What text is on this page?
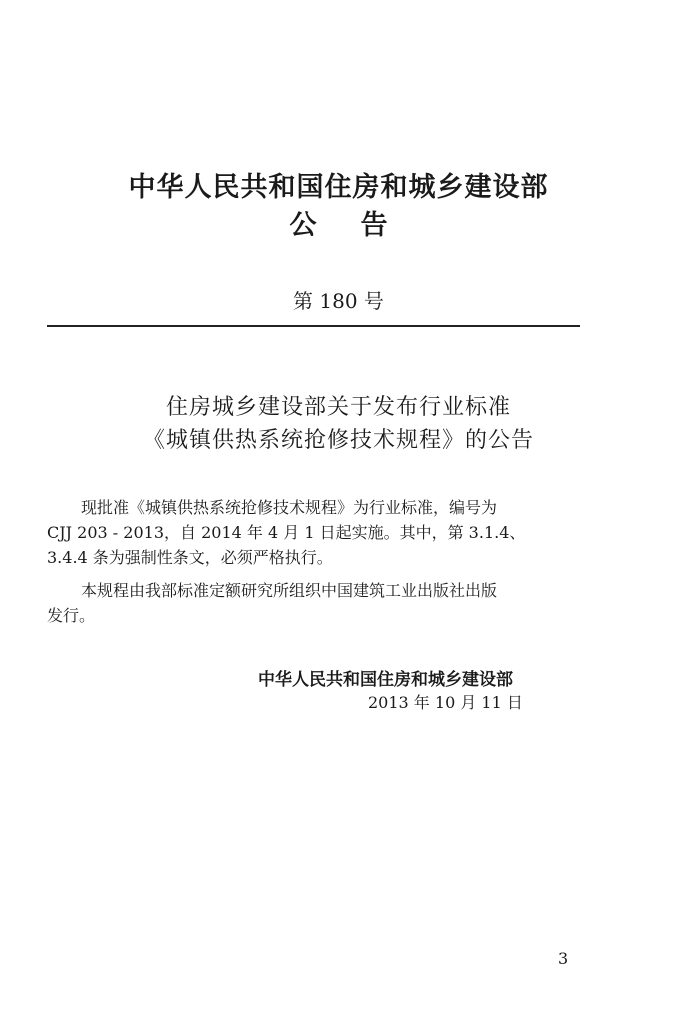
中华人民共和国住房和城乡建设部
公告
第 180 号
住房城乡建设部关于发布行业标准
《城镇供热系统抢修技术规程》的公告
现批准《城镇供热系统抢修技术规程》为行业标准，编号为
CJJ 203 - 2013，自 2014 年 4 月 1 日起实施。其中，第 3.1.4、
3.4.4 条为强制性条文，必须严格执行。
本规程由我部标准定额研究所组织中国建筑工业出版社出版
发行。
中华人民共和国住房和城乡建设部
2013 年 10 月 11 日
3
